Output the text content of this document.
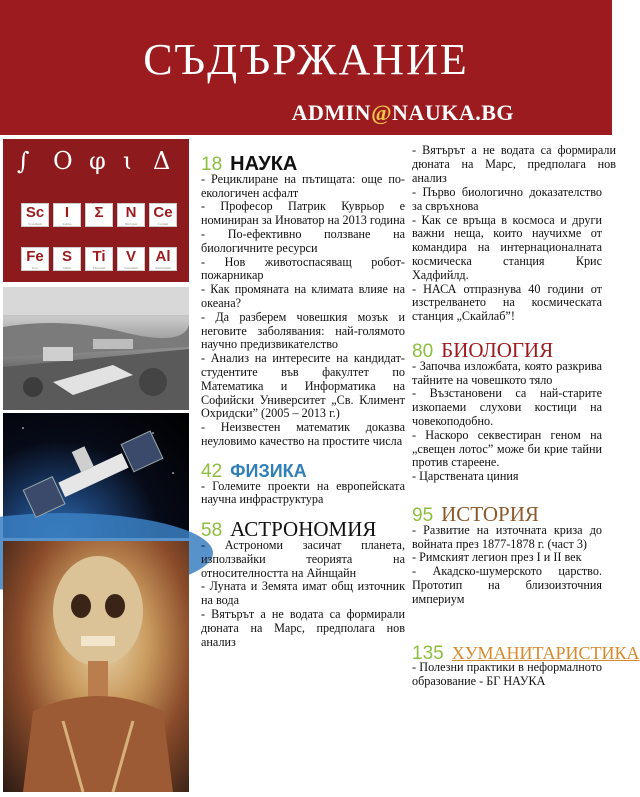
СЪДЪРЖАНИЕ
ADMIN@NAUKA.BG
∫ Ο φ ɩ Δ
Sc
Scandium
I
Iodine
Σ	N
Nitrogen
Ce
Cerium
Fe
Iron
S
Sulfur
Ti
Titanium
V
Vanadium
Al
Aluminium
18 НАУКА

- Рециклиране на пътищата: още по-екологичен асфалт

- Професор Патрик Куврьор е номиниран за Иноватор на 2013 година

- По-ефективно ползване на биологичните ресурси

- Нов животоспасяващ робот-пожарникар

- Как промяната на климата влияе на океана?

- Да разберем човешкия мозък и неговите заболявания: най-голямото научно предизвикателство

- Анализ на интересите на кандидат-студентите във факултет по Математика и Информатика на Софийски Университет „Св. Климент Охридски” (2005 – 2013 г.)

- Неизвестен математик доказва неуловимо качество на простите числа

42 ФИЗИКА

- Големите проекти на европейската научна инфраструктура

58 АСТРОНОМИЯ

- Астрономи засичат планета, използвайки теорията на относителността на Айнщайн

- Луната и Земята имат общ източник на вода

- Вятърът а не водата са формирали дюната на Марс, предполага нов анализ

- Вятърът а не водата са формирали дюната на Марс, предполага нов анализ

- Първо биологично доказателство за свръхнова

- Как се връща в космоса и други важни неща, които научихме от командира на интернационалната космическа станция Крис Хадфийлд.

- НАСА отпразнува 40 години от изстрелването на космическата станция „Скайлаб”!

80 БИОЛОГИЯ

- Започва изложбата, която разкрива тайните на човешкото тяло

- Възстановени са най-старите изкопаеми слухови костици на човекоподобно.

- Наскоро секвестиран геном на „свещен лотос” може би крие тайни против стареене.

- Царствената циния

95 ИСТОРИЯ

- Развитие на източната криза до войната през 1877-1878 г. (част 3)

- Римският легион през I и II век

- Акадско-шумерското царство. Прототип на близоизточния империум

135 ХУМАНИТАРИСТИКА

- Полезни практики в неформалното образование - БГ НАУКА
